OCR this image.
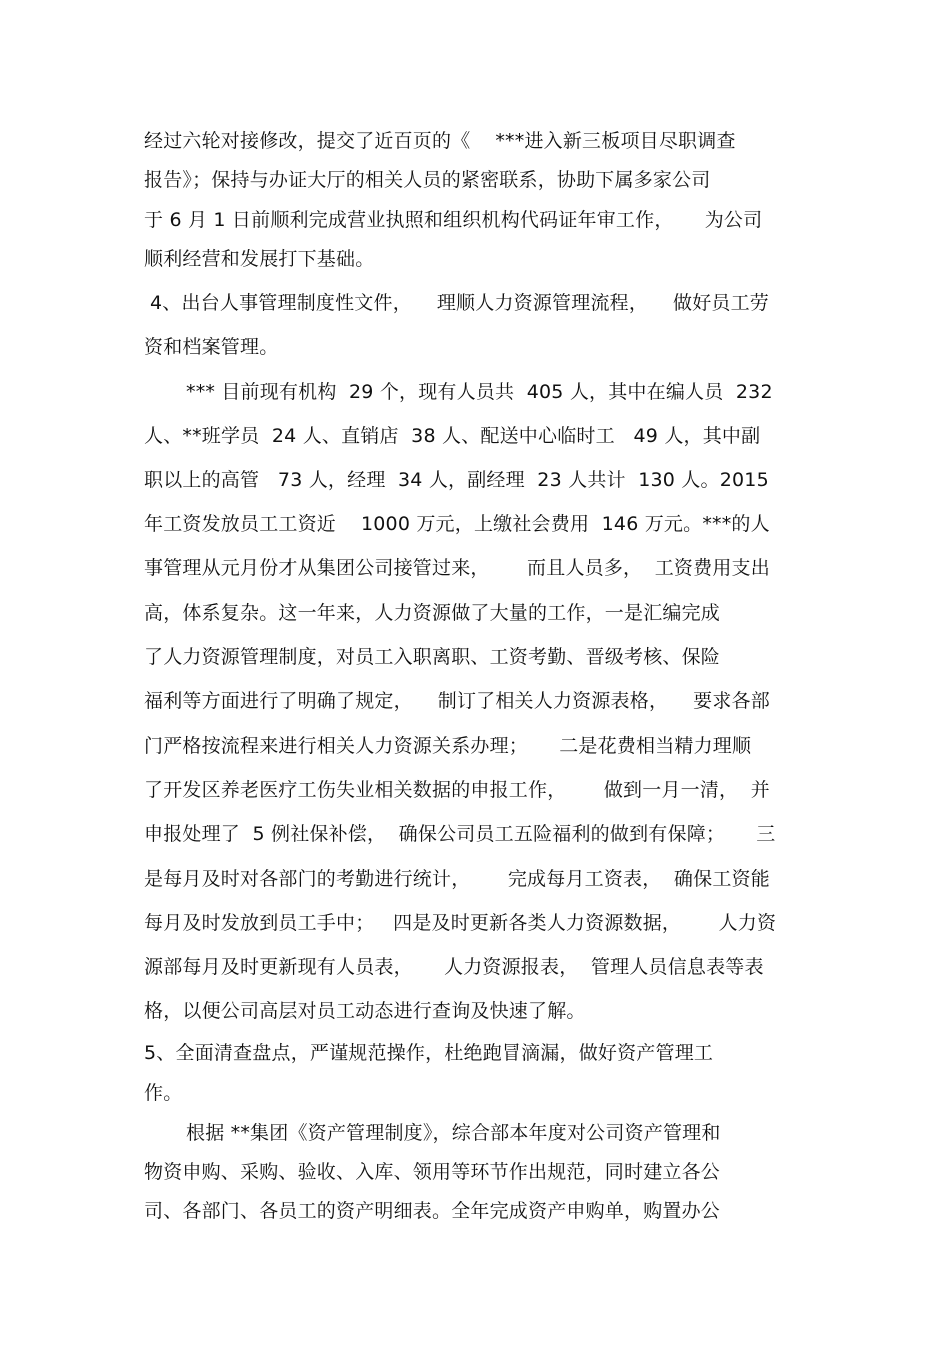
经过六轮对接修改，提交了近百页的《    ***进入新三板项目尽职调查
报告》；保持与办证大厅的相关人员的紧密联系，协助下属多家公司
于 6 月 1 日前顺利完成营业执照和组织机构代码证年审工作，     为公司
顺利经营和发展打下基础。
4、出台人事管理制度性文件，    理顺人力资源管理流程，    做好员工劳
资和档案管理。
*** 目前现有机构  29 个，现有人员共  405 人，其中在编人员  232
人、**班学员  24 人、直销店  38 人、配送中心临时工   49 人，其中副
职以上的高管   73 人，经理  34 人，副经理  23 人共计  130 人。2015
年工资发放员工工资近    1000 万元，上缴社会费用  146 万元。***的人
事管理从元月份才从集团公司接管过来，      而且人员多，  工资费用支出
高，体系复杂。这一年来，人力资源做了大量的工作，一是汇编完成
了人力资源管理制度，对员工入职离职、工资考勤、晋级考核、保险
福利等方面进行了明确了规定，    制订了相关人力资源表格，    要求各部
门严格按流程来进行相关人力资源关系办理；     二是花费相当精力理顺
了开发区养老医疗工伤失业相关数据的申报工作，      做到一月一清，  并
申报处理了  5 例社保补偿，  确保公司员工五险福利的做到有保障；     三
是每月及时对各部门的考勤进行统计，      完成每月工资表，  确保工资能
每月及时发放到员工手中；   四是及时更新各类人力资源数据，      人力资
源部每月及时更新现有人员表，     人力资源报表，  管理人员信息表等表
格，以便公司高层对员工动态进行查询及快速了解。
5、全面清查盘点，严谨规范操作，杜绝跑冒滴漏，做好资产管理工
作。
根据 **集团《资产管理制度》，综合部本年度对公司资产管理和
物资申购、采购、验收、入库、领用等环节作出规范，同时建立各公
司、各部门、各员工的资产明细表。全年完成资产申购单，购置办公
